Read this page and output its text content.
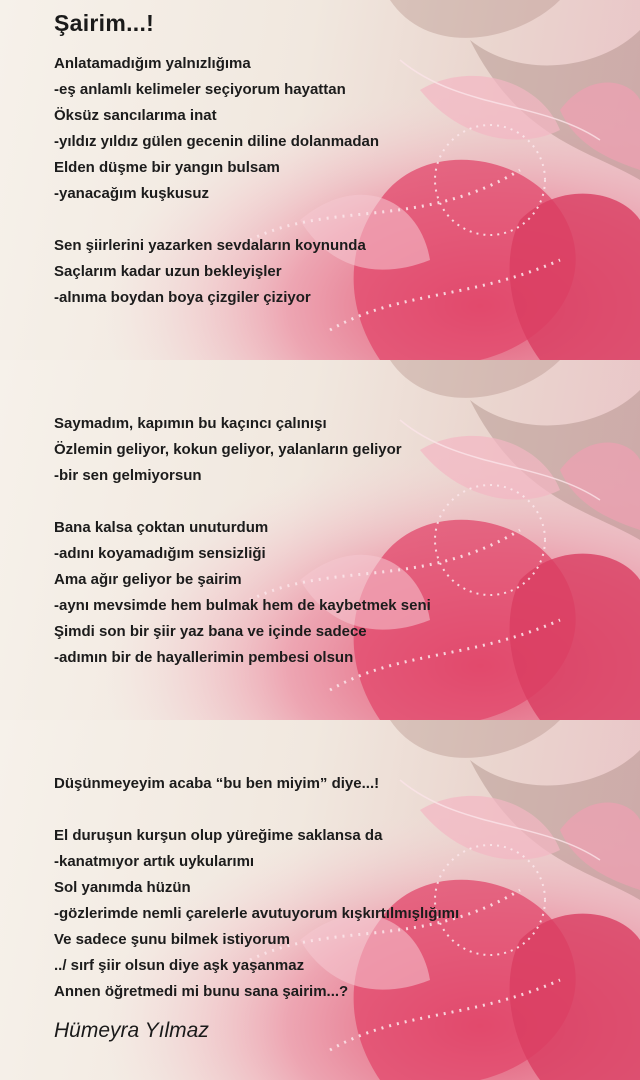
Şairim...!
Anlatamadığım yalnızlığıma
-eş anlamlı kelimeler seçiyorum hayattan
Öksüz sancılarıma inat
-yıldız yıldız gülen gecenin diline dolanmadan
Elden düşme bir yangın bulsam
-yanacağım kuşkusuz
Sen şiirlerini yazarken sevdaların koynunda
Saçlarım kadar uzun bekleyişler
-alnıma boydan boya çizgiler çiziyor
Saymadım, kapımın bu kaçıncı çalınışı
Özlemin geliyor, kokun geliyor, yalanların geliyor
-bir sen gelmiyorsun
Bana kalsa çoktan unuturdum
-adını koyamadığım sensizliği
Ama ağır geliyor be şairim
-aynı mevsimde hem bulmak hem de kaybetmek seni
Şimdi son bir şiir yaz bana ve içinde sadece
-adımın bir de hayallerimin pembesi olsun
Düşünmeyeyim acaba “bu ben miyim” diye...!
El duruşun kurşun olup yüreğime saklansa da
-kanatmıyor artık uykularımı
Sol yanımda hüzün
-gözlerimde nemli çarelerle avutuyorum kışkırtılmışlığımı
Ve sadece şunu bilmek istiyorum
../ sırf şiir olsun diye aşk yaşanmaz
Annen öğretmedi mi bunu sana şairim...?
Hümeyra Yılmaz
